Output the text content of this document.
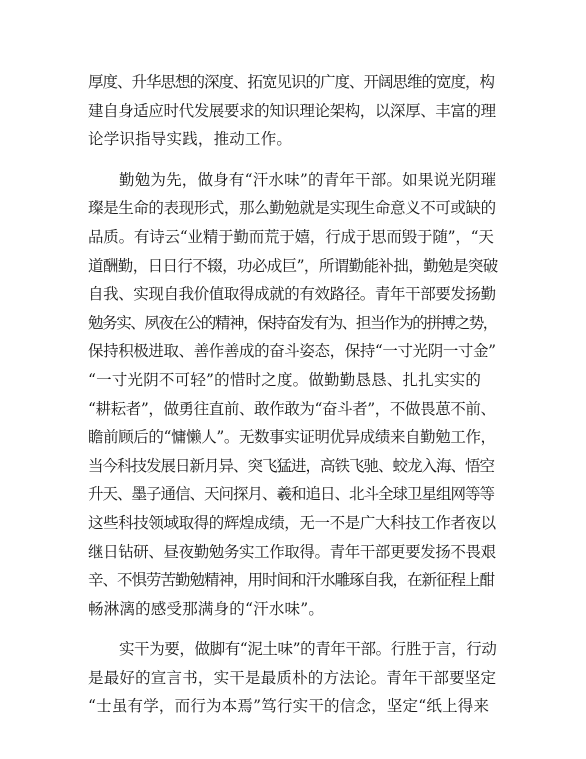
厚度、升华思想的深度、拓宽见识的广度、开阔思维的宽度，构
建自身适应时代发展要求的知识理论架构，以深厚、丰富的理
论学识指导实践，推动工作。
勤勉为先，做身有“汗水味”的青年干部。如果说光阴璀
璨是生命的表现形式，那么勤勉就是实现生命意义不可或缺的
品质。有诗云“业精于勤而荒于嬉，行成于思而毁于随”，“天
道酬勤，日日行不辍，功必成巨”，所谓勤能补拙，勤勉是突破
自我、实现自我价值取得成就的有效路径。青年干部要发扬勤
勉务实、夙夜在公的精神，保持奋发有为、担当作为的拼搏之势，
保持积极进取、善作善成的奋斗姿态，保持“一寸光阴一寸金”
“一寸光阴不可轻”的惜时之度。做勤勤恳恳、扎扎实实的
“耕耘者”，做勇往直前、敢作敢为“奋斗者”，不做畏葸不前、
瞻前顾后的“慵懒人”。无数事实证明优异成绩来自勤勉工作，
当今科技发展日新月异、突飞猛进，高铁飞驰、蛟龙入海、悟空
升天、墨子通信、天问探月、羲和追日、北斗全球卫星组网等等
这些科技领域取得的辉煌成绩，无一不是广大科技工作者夜以
继日钻研、昼夜勤勉务实工作取得。青年干部更要发扬不畏艰
辛、不惧劳苦勤勉精神，用时间和汗水雕琢自我，在新征程上酣
畅淋漓的感受那满身的“汗水味”。
实干为要，做脚有“泥土味”的青年干部。行胜于言，行动
是最好的宣言书，实干是最质朴的方法论。青年干部要坚定
“士虽有学，而行为本焉”笃行实干的信念，坚定“纸上得来
